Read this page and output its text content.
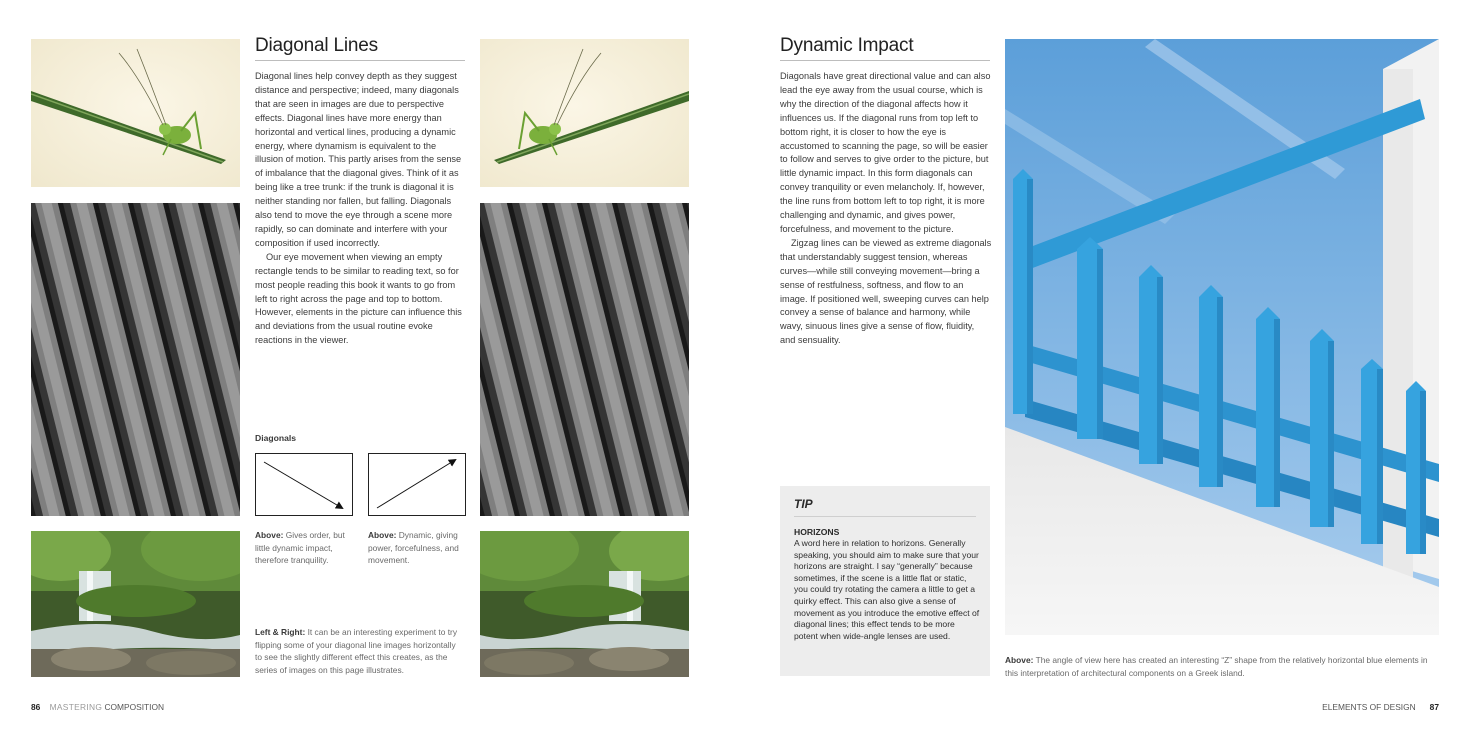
Diagonal Lines

Diagonal lines help convey depth as they suggest distance and perspective; indeed, many diagonals that are seen in images are due to perspective effects. Diagonal lines have more energy than horizontal and vertical lines, producing a dynamic energy, where dynamism is equivalent to the illusion of motion. This partly arises from the sense of imbalance that the diagonal gives. Think of it as being like a tree trunk: if the trunk is diagonal it is neither standing nor fallen, but falling. Diagonals also tend to move the eye through a scene more rapidly, so can dominate and interfere with your composition if used incorrectly.

Our eye movement when viewing an empty rectangle tends to be similar to reading text, so for most people reading this book it wants to go from left to right across the page and top to bottom. However, elements in the picture can influence this and deviations from the usual routine evoke reactions in the viewer.

Diagonals
Above: Gives order, but little dynamic impact, therefore tranquility.
Above: Dynamic, giving power, forcefulness, and movement.
Left & Right: It can be an interesting experiment to try flipping some of your diagonal line images horizontally to see the slightly different effect this creates, as the series of images on this page illustrates.
86 MASTERING COMPOSITION
Dynamic Impact

Diagonals have great directional value and can also lead the eye away from the usual course, which is why the direction of the diagonal affects how it influences us. If the diagonal runs from top left to bottom right, it is closer to how the eye is accustomed to scanning the page, so will be easier to follow and serves to give order to the picture, but little dynamic impact. In this form diagonals can convey tranquility or even melancholy. If, however, the line runs from bottom left to top right, it is more challenging and dynamic, and gives power, forcefulness, and movement to the picture.

Zigzag lines can be viewed as extreme diagonals that understandably suggest tension, whereas curves—while still conveying movement—bring a sense of restfulness, softness, and flow to an image. If positioned well, sweeping curves can help convey a sense of balance and harmony, while wavy, sinuous lines give a sense of flow, fluidity, and sensuality.

TIP
HORIZONS
A word here in relation to horizons. Generally speaking, you should aim to make sure that your horizons are straight. I say “generally” because sometimes, if the scene is a little flat or static, you could try rotating the camera a little to get a quirky effect. This can also give a sense of movement as you introduce the emotive effect of diagonal lines; this effect tends to be more potent when wide-angle lenses are used.
Above: The angle of view here has created an interesting “Z” shape from the relatively horizontal blue elements in this interpretation of architectural components on a Greek island.
ELEMENTS OF DESIGN 87
